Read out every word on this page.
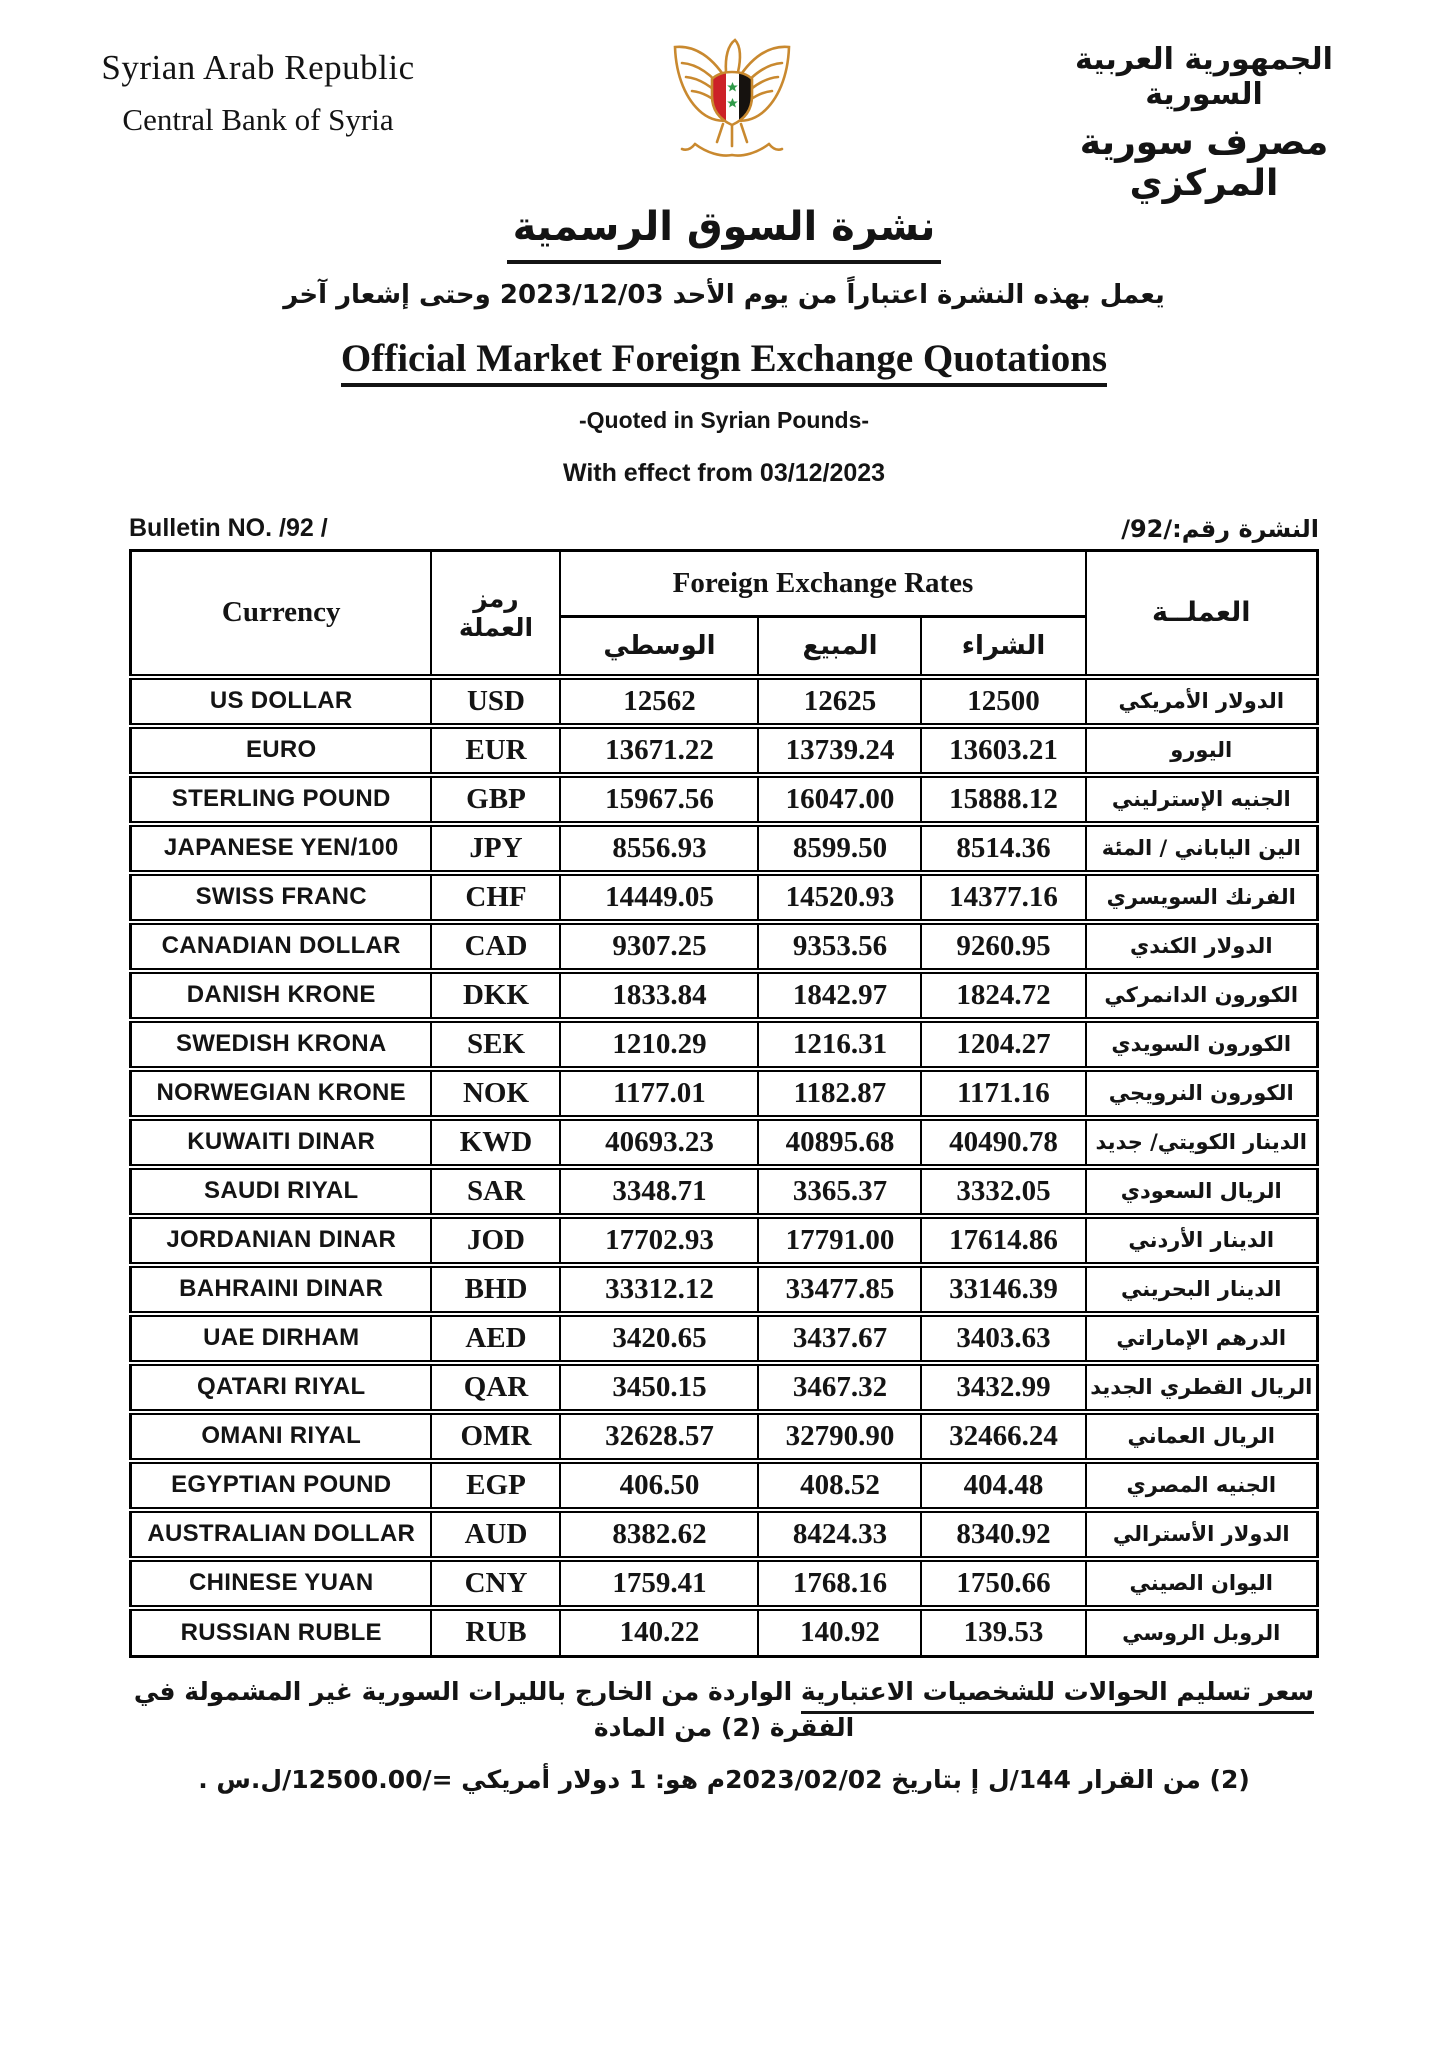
Syrian Arab Republic
Central Bank of Syria
الجمهورية العربية السورية
مصرف سورية المركزي
نشرة السوق الرسمية
يعمل بهذه النشرة اعتباراً من يوم الأحد 2023/12/03 وحتى إشعار آخر
Official Market Foreign Exchange Quotations
-Quoted in Syrian Pounds-
With effect from 03/12/2023
Bulletin NO. /92 /	النشرة رقم:/92/
Currency	رمز العملة	Foreign Exchange Rates			العملــة
		الوسطي	المبيع	الشراء	
US DOLLAR	USD	12562	12625	12500	الدولار الأمريكي
EURO	EUR	13671.22	13739.24	13603.21	اليورو
STERLING POUND	GBP	15967.56	16047.00	15888.12	الجنيه الإسترليني
JAPANESE YEN/100	JPY	8556.93	8599.50	8514.36	الين الياباني / المئة
SWISS FRANC	CHF	14449.05	14520.93	14377.16	الفرنك السويسري
CANADIAN DOLLAR	CAD	9307.25	9353.56	9260.95	الدولار الكندي
DANISH KRONE	DKK	1833.84	1842.97	1824.72	الكورون الدانمركي
SWEDISH KRONA	SEK	1210.29	1216.31	1204.27	الكورون السويدي
NORWEGIAN KRONE	NOK	1177.01	1182.87	1171.16	الكورون النرويجي
KUWAITI DINAR	KWD	40693.23	40895.68	40490.78	الدينار الكويتي/ جديد
SAUDI RIYAL	SAR	3348.71	3365.37	3332.05	الريال السعودي
JORDANIAN DINAR	JOD	17702.93	17791.00	17614.86	الدينار الأردني
BAHRAINI DINAR	BHD	33312.12	33477.85	33146.39	الدينار البحريني
UAE DIRHAM	AED	3420.65	3437.67	3403.63	الدرهم الإماراتي
QATARI RIYAL	QAR	3450.15	3467.32	3432.99	الريال القطري الجديد
OMANI RIYAL	OMR	32628.57	32790.90	32466.24	الريال العماني
EGYPTIAN POUND	EGP	406.50	408.52	404.48	الجنيه المصري
AUSTRALIAN DOLLAR	AUD	8382.62	8424.33	8340.92	الدولار الأسترالي
CHINESE YUAN	CNY	1759.41	1768.16	1750.66	اليوان الصيني
RUSSIAN RUBLE	RUB	140.22	140.92	139.53	الروبل الروسي
سعر تسليم الحوالات للشخصيات الاعتبارية الواردة من الخارج بالليرات السورية غير المشمولة في الفقرة (2) من المادة
(2) من القرار 144/ل إ بتاريخ 2023/02/02م هو: 1 دولار أمريكي =/12500.00/ل.س .
